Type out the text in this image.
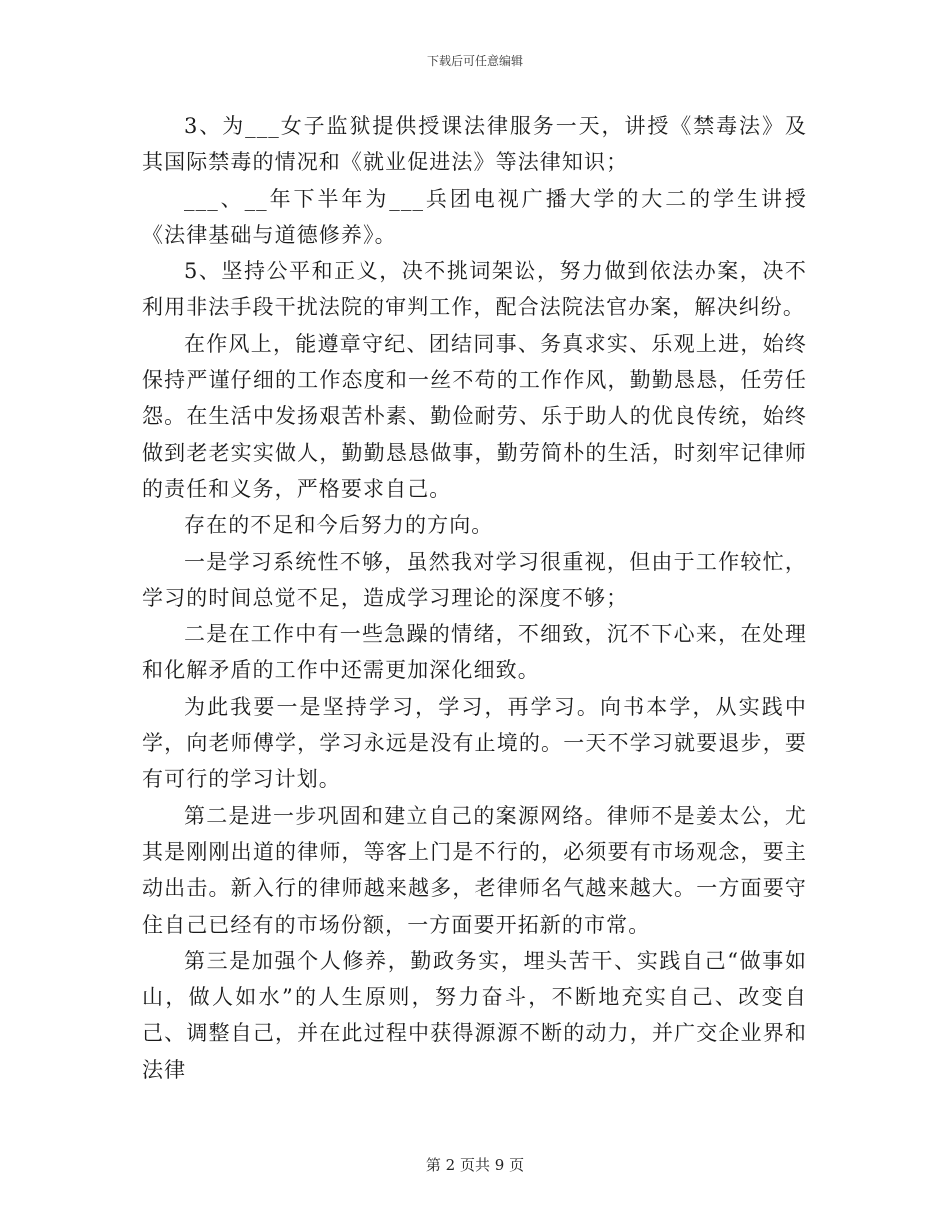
下载后可任意编辑

3、为___女子监狱提供授课法律服务一天，讲授《禁毒法》及其国际禁毒的情况和《就业促进法》等法律知识；

___、__年下半年为___兵团电视广播大学的大二的学生讲授《法律基础与道德修养》。

5、坚持公平和正义，决不挑词架讼，努力做到依法办案，决不利用非法手段干扰法院的审判工作，配合法院法官办案，解决纠纷。

在作风上，能遵章守纪、团结同事、务真求实、乐观上进，始终保持严谨仔细的工作态度和一丝不苟的工作作风，勤勤恳恳，任劳任怨。在生活中发扬艰苦朴素、勤俭耐劳、乐于助人的优良传统，始终做到老老实实做人，勤勤恳恳做事，勤劳简朴的生活，时刻牢记律师的责任和义务，严格要求自己。

存在的不足和今后努力的方向。

一是学习系统性不够，虽然我对学习很重视，但由于工作较忙，学习的时间总觉不足，造成学习理论的深度不够；

二是在工作中有一些急躁的情绪，不细致，沉不下心来，在处理和化解矛盾的工作中还需更加深化细致。

为此我要一是坚持学习，学习，再学习。向书本学，从实践中学，向老师傅学，学习永远是没有止境的。一天不学习就要退步，要有可行的学习计划。

第二是进一步巩固和建立自己的案源网络。律师不是姜太公，尤其是刚刚出道的律师，等客上门是不行的，必须要有市场观念，要主动出击。新入行的律师越来越多，老律师名气越来越大。一方面要守住自己已经有的市场份额，一方面要开拓新的市常。

第三是加强个人修养，勤政务实，埋头苦干、实践自己“做事如山，做人如水”的人生原则，努力奋斗，不断地充实自己、改变自己、调整自己，并在此过程中获得源源不断的动力，并广交企业界和法律

第 2 页共 9 页
